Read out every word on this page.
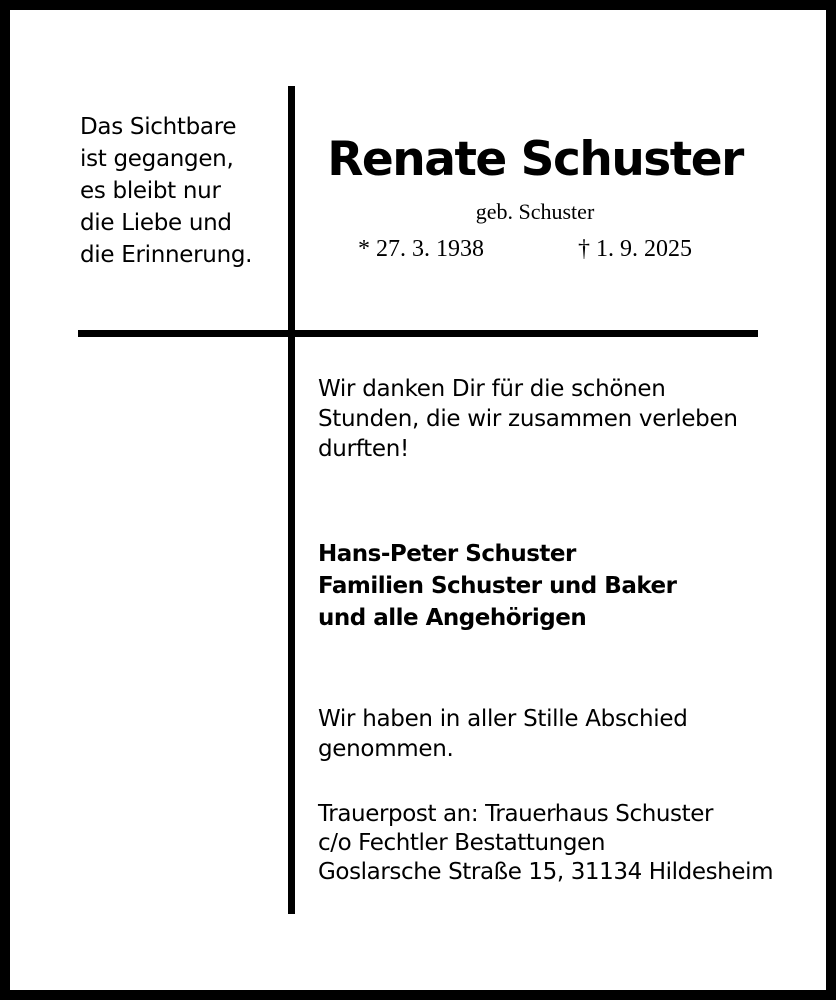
Das Sichtbare
ist gegangen,
es bleibt nur
die Liebe und
die Erinnerung.

Renate Schuster

geb. Schuster

* 27. 3. 1938	† 1. 9. 2025

Wir danken Dir für die schönen
Stunden, die wir zusammen verleben
durften!

Hans-Peter Schuster
Familien Schuster und Baker
und alle Angehörigen

Wir haben in aller Stille Abschied
genommen.

Trauerpost an: Trauerhaus Schuster
c/o Fechtler Bestattungen
Goslarsche Straße 15, 31134 Hildesheim
